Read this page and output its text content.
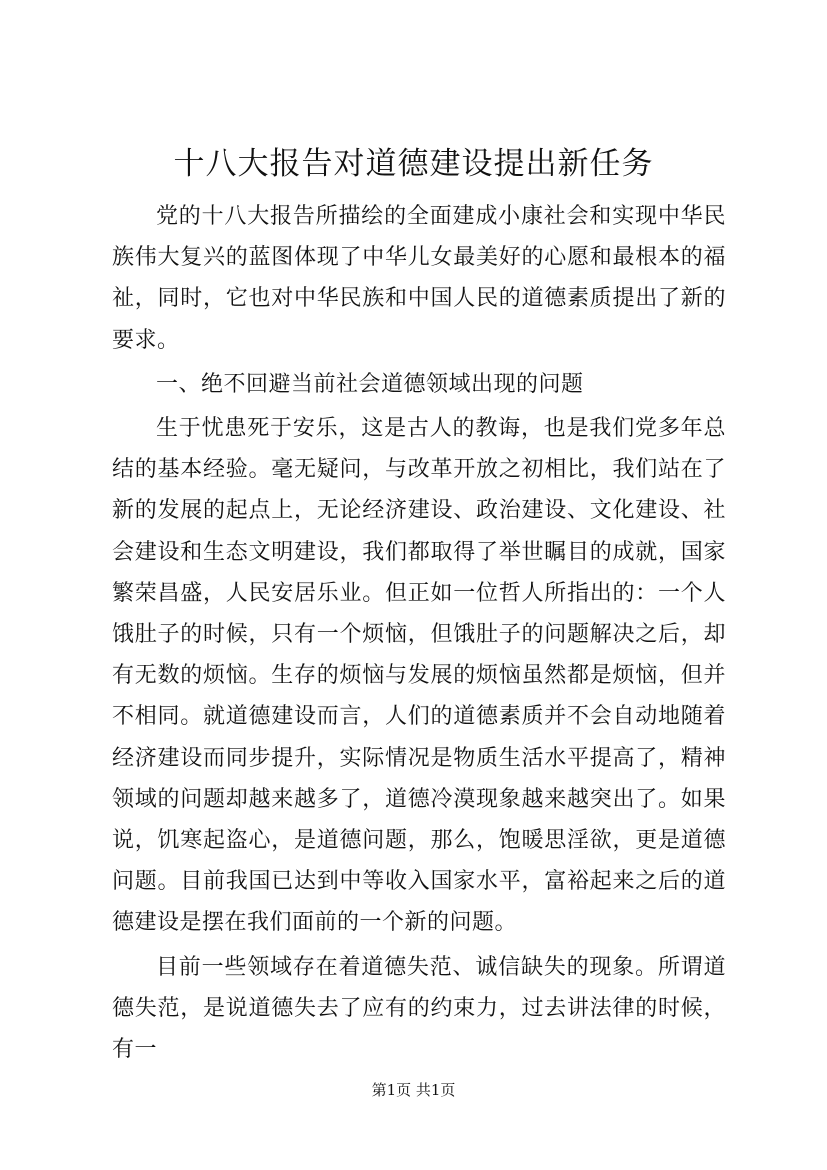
十八大报告对道德建设提出新任务

党的十八大报告所描绘的全面建成小康社会和实现中华民族伟大复兴的蓝图体现了中华儿女最美好的心愿和最根本的福祉，同时，它也对中华民族和中国人民的道德素质提出了新的要求。

一、绝不回避当前社会道德领域出现的问题

生于忧患死于安乐，这是古人的教诲，也是我们党多年总结的基本经验。毫无疑问，与改革开放之初相比，我们站在了新的发展的起点上，无论经济建设、政治建设、文化建设、社会建设和生态文明建设，我们都取得了举世瞩目的成就，国家繁荣昌盛，人民安居乐业。但正如一位哲人所指出的：一个人饿肚子的时候，只有一个烦恼，但饿肚子的问题解决之后，却有无数的烦恼。生存的烦恼与发展的烦恼虽然都是烦恼，但并不相同。就道德建设而言，人们的道德素质并不会自动地随着经济建设而同步提升，实际情况是物质生活水平提高了，精神领域的问题却越来越多了，道德冷漠现象越来越突出了。如果说，饥寒起盗心，是道德问题，那么，饱暖思淫欲，更是道德问题。目前我国已达到中等收入国家水平，富裕起来之后的道德建设是摆在我们面前的一个新的问题。

目前一些领域存在着道德失范、诚信缺失的现象。所谓道德失范，是说道德失去了应有的约束力，过去讲法律的时候，有一

第1页 共1页
